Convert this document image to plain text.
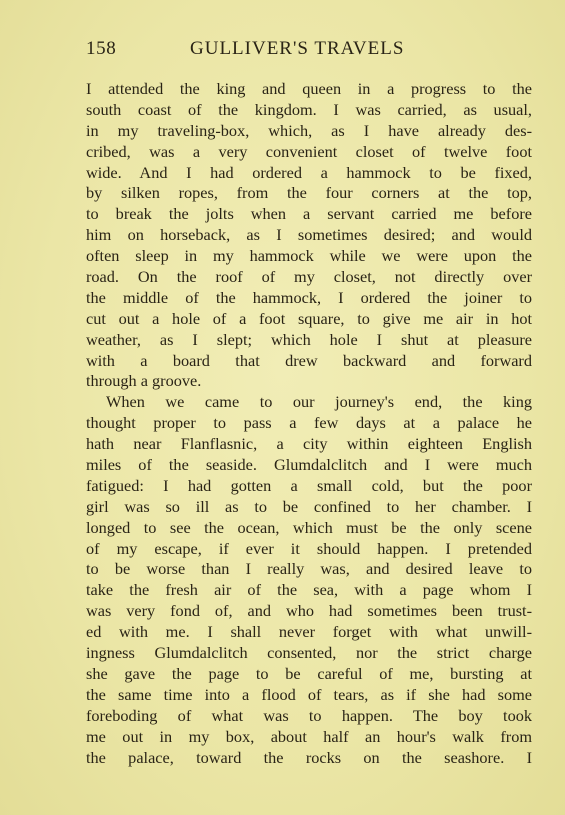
158	GULLIVER'S TRAVELS
I attended the king and queen in a progress to the
south coast of the kingdom. I was carried, as usual,
in my traveling-box, which, as I have already des-
cribed, was a very convenient closet of twelve foot
wide. And I had ordered a hammock to be fixed,
by silken ropes, from the four corners at the top,
to break the jolts when a servant carried me before
him on horseback, as I sometimes desired; and would
often sleep in my hammock while we were upon the
road. On the roof of my closet, not directly over
the middle of the hammock, I ordered the joiner to
cut out a hole of a foot square, to give me air in hot
weather, as I slept; which hole I shut at pleasure
with a board that drew backward and forward
through a groove.
When we came to our journey's end, the king
thought proper to pass a few days at a palace he
hath near Flanflasnic, a city within eighteen English
miles of the seaside. Glumdalclitch and I were much
fatigued: I had gotten a small cold, but the poor
girl was so ill as to be confined to her chamber. I
longed to see the ocean, which must be the only scene
of my escape, if ever it should happen. I pretended
to be worse than I really was, and desired leave to
take the fresh air of the sea, with a page whom I
was very fond of, and who had sometimes been trust-
ed with me. I shall never forget with what unwill-
ingness Glumdalclitch consented, nor the strict charge
she gave the page to be careful of me, bursting at
the same time into a flood of tears, as if she had some
foreboding of what was to happen. The boy took
me out in my box, about half an hour's walk from
the palace, toward the rocks on the seashore. I
